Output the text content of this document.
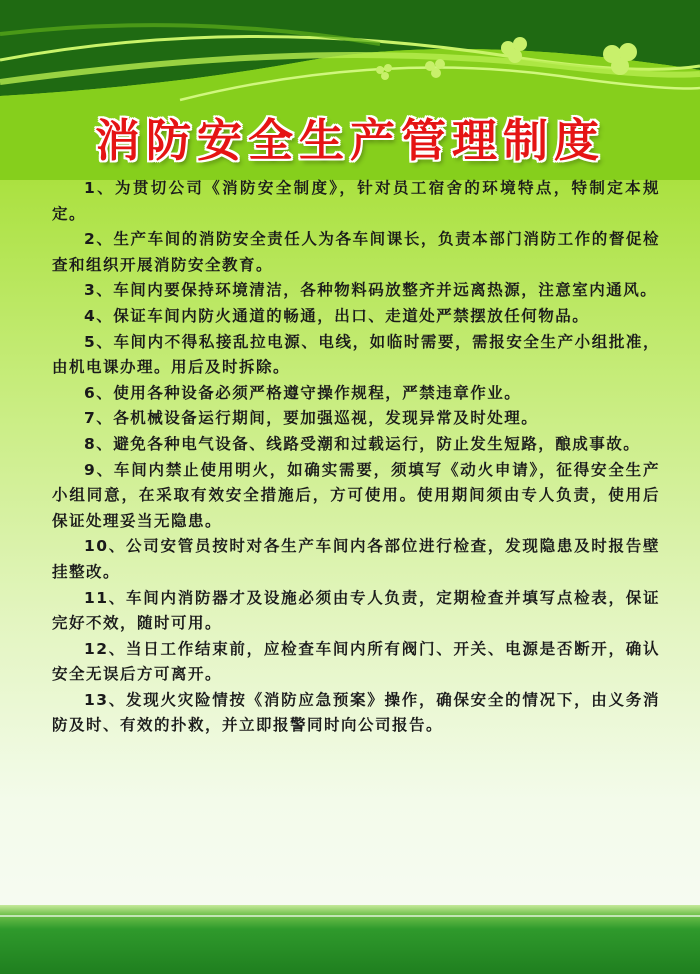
消防安全生产管理制度

1、为贯切公司《消防安全制度》，针对员工宿舍的环境特点，特制定本规定。

2、生产车间的消防安全责任人为各车间课长，负责本部门消防工作的督促检查和组织开展消防安全教育。

3、车间内要保持环境清洁，各种物料码放整齐并远离热源，注意室内通风。

4、保证车间内防火通道的畅通，出口、走道处严禁摆放任何物品。

5、车间内不得私接乱拉电源、电线，如临时需要，需报安全生产小组批准，由机电课办理。用后及时拆除。

6、使用各种设备必须严格遵守操作规程，严禁违章作业。

7、各机械设备运行期间，要加强巡视，发现异常及时处理。

8、避免各种电气设备、线路受潮和过载运行，防止发生短路，酿成事故。

9、车间内禁止使用明火，如确实需要，须填写《动火申请》，征得安全生产小组同意，在采取有效安全措施后，方可使用。使用期间须由专人负责，使用后保证处理妥当无隐患。

10、公司安管员按时对各生产车间内各部位进行检查，发现隐患及时报告壁挂整改。

11、车间内消防器才及设施必须由专人负责，定期检查并填写点检表，保证完好不效，随时可用。

12、当日工作结束前，应检查车间内所有阀门、开关、电源是否断开，确认安全无误后方可离开。

13、发现火灾险情按《消防应急预案》操作，确保安全的情况下，由义务消防及时、有效的扑救，并立即报警同时向公司报告。
